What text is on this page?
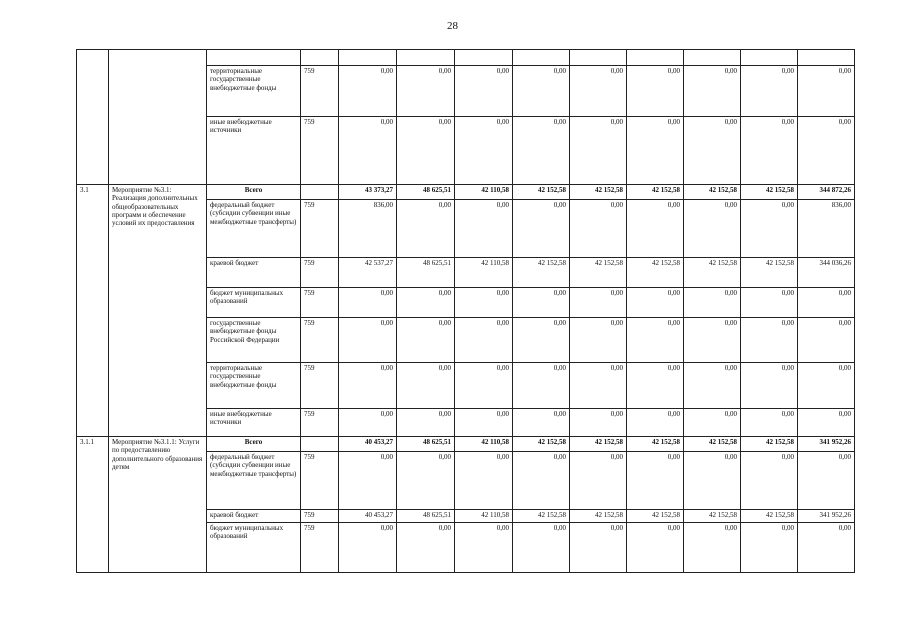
28

		территориальные государственные внебюджетные фонды	759	0,00	0,00	0,00	0,00	0,00	0,00	0,00	0,00	0,00
		иные внебюджетные источники	759	0,00	0,00	0,00	0,00	0,00	0,00	0,00	0,00	0,00
3.1	Мероприятие №3.1: Реализация дополнительных общеобразовательных программ и обеспечение условий их предоставления	Всего		43 373,27	48 625,51	42 110,58	42 152,58	42 152,58	42 152,58	42 152,58	42 152,58	344 872,26
		федеральный бюджет (субсидии субвенции иные межбюджетные трансферты)	759	836,00	0,00	0,00	0,00	0,00	0,00	0,00	0,00	836,00
		краевой бюджет	759	42 537,27	48 625,51	42 110,58	42 152,58	42 152,58	42 152,58	42 152,58	42 152,58	344 036,26
		бюджет муниципальных образований	759	0,00	0,00	0,00	0,00	0,00	0,00	0,00	0,00	0,00
		государственные внебюджетные фонды Российской Федерации	759	0,00	0,00	0,00	0,00	0,00	0,00	0,00	0,00	0,00
		территориальные государственные внебюджетные фонды	759	0,00	0,00	0,00	0,00	0,00	0,00	0,00	0,00	0,00
		иные внебюджетные источники	759	0,00	0,00	0,00	0,00	0,00	0,00	0,00	0,00	0,00
3.1.1	Мероприятие №3.1.1: Услуги по предоставлению дополнительного образования детям	Всего		40 453,27	48 625,51	42 110,58	42 152,58	42 152,58	42 152,58	42 152,58	42 152,58	341 952,26
		федеральный бюджет (субсидии субвенции иные межбюджетные трансферты)	759	0,00	0,00	0,00	0,00	0,00	0,00	0,00	0,00	0,00
		краевой бюджет	759	40 453,27	48 625,51	42 110,58	42 152,58	42 152,58	42 152,58	42 152,58	42 152,58	341 952,26
		бюджет муниципальных образований	759	0,00	0,00	0,00	0,00	0,00	0,00	0,00	0,00	0,00
